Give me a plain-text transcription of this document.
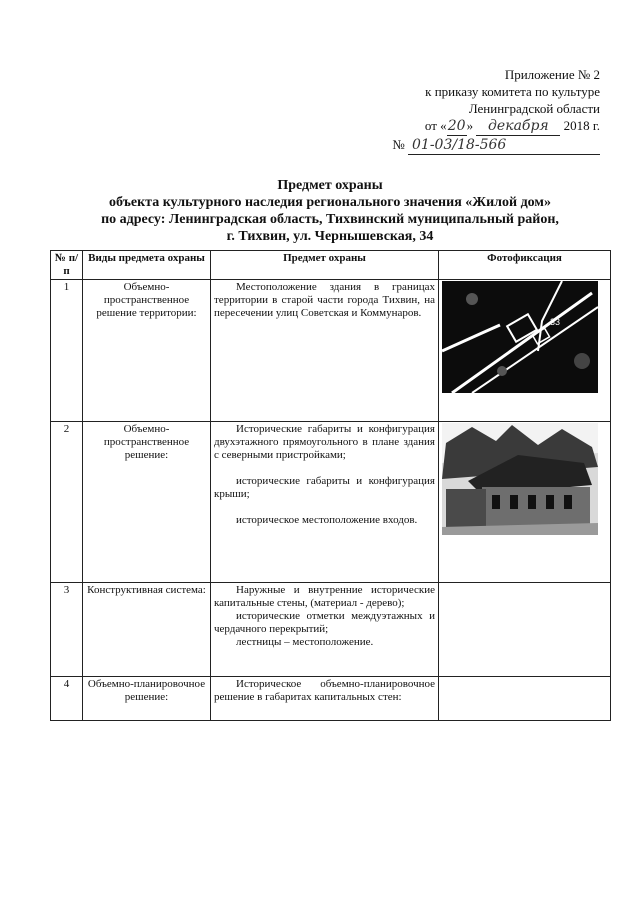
Приложение № 2
к приказу комитета по культуре
Ленинградской области
от «20» декабря 2018 г.
№ 01-03/18-566
Предмет охраны
объекта культурного наследия регионального значения «Жилой дом»
по адресу: Ленинградская область, Тихвинский муниципальный район,
г. Тихвин, ул. Чернышевская, 34
№ п/п	Виды предмета охраны	Предмет охраны	Фотофиксация
1	Объемно-пространственное решение территории:	Местоположение здания в границах территории в старой части города Тихвин, на пересечении улиц Советская и Коммунаров.	33

2	Объемно-пространственное решение:	Исторические габариты и конфигурация двухэтажного прямоугольного в плане здания с северными пристройками;
исторические габариты и конфигурация крыши;
историческое местоположение входов.

3	Конструктивная система:	Наружные и внутренние исторические капитальные стены, (материал - дерево);
исторические отметки междуэтажных и чердачного перекрытий;
лестницы – местоположение.	

4	Объемно-планировочное решение:	Историческое объемно-планировочное решение в габаритах капитальных стен:	
